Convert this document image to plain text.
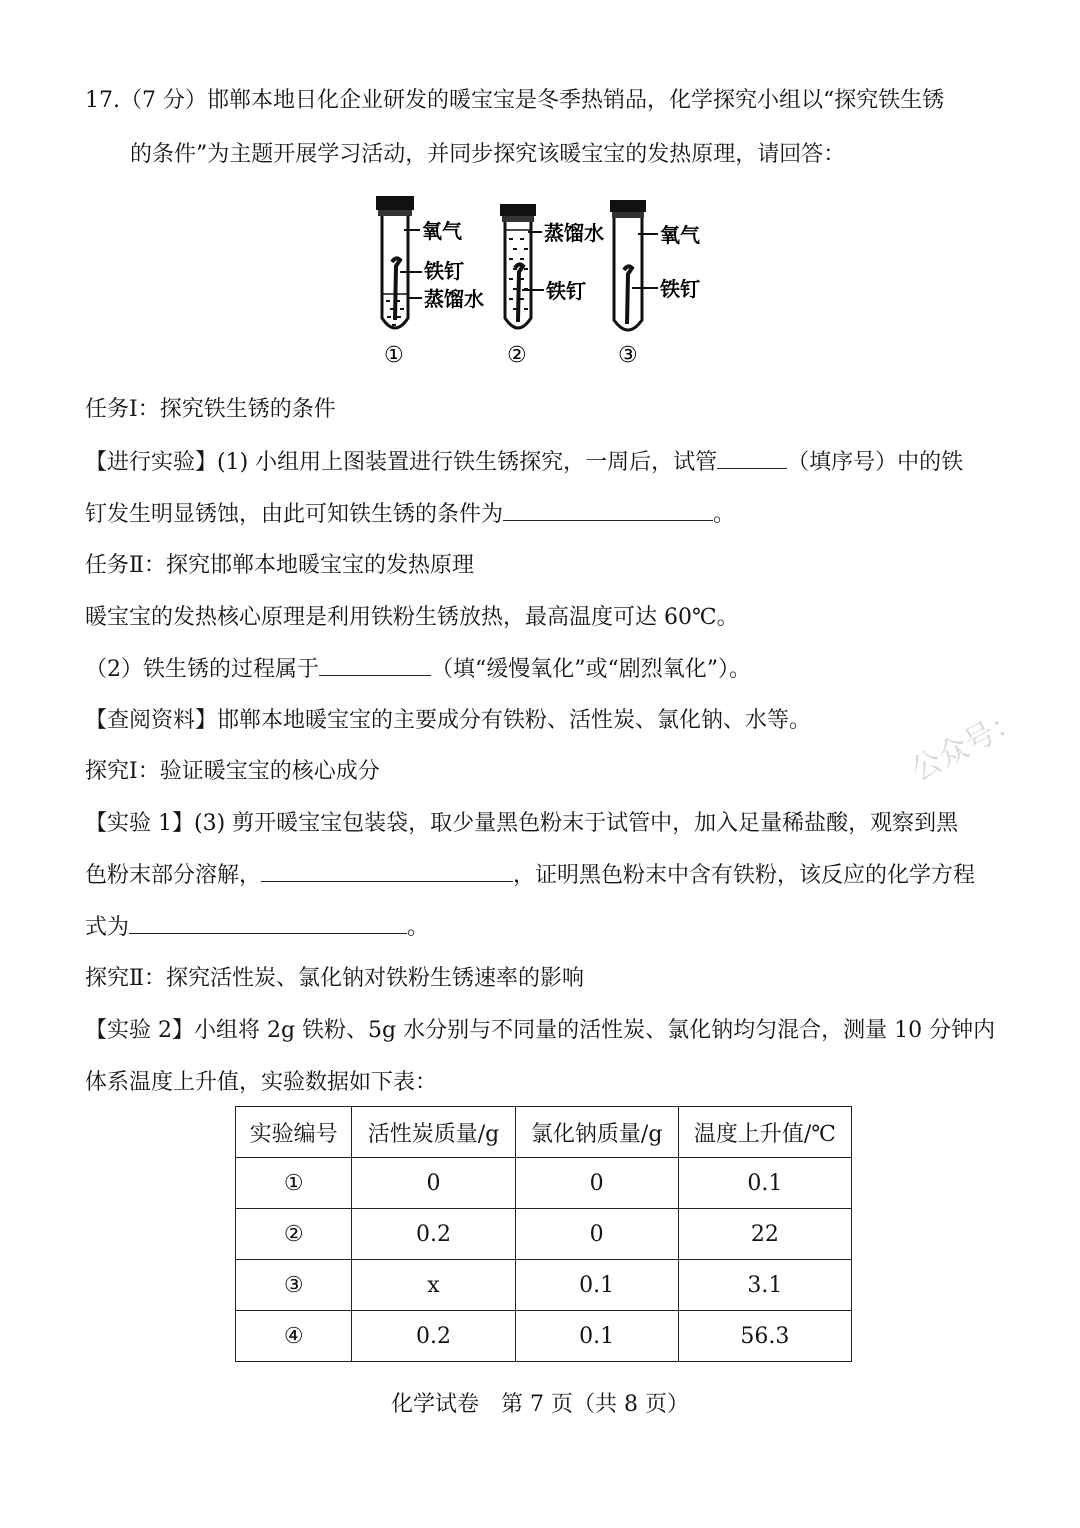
17.（7 分）邯郸本地日化企业研发的暖宝宝是冬季热销品，化学探究小组以“探究铁生锈
的条件”为主题开展学习活动，并同步探究该暖宝宝的发热原理，请回答：
氧气
铁钉
蒸馏水
①
蒸馏水
铁钉
②
氧气
铁钉
③
任务Ⅰ：探究铁生锈的条件
【进行实验】(1) 小组用上图装置进行铁生锈探究，一周后，试管	（填序号）中的铁
钉发生明显锈蚀，由此可知铁生锈的条件为	。
任务Ⅱ：探究邯郸本地暖宝宝的发热原理
暖宝宝的发热核心原理是利用铁粉生锈放热，最高温度可达 60℃。
（2）铁生锈的过程属于	（填“缓慢氧化”或“剧烈氧化”）。
【查阅资料】邯郸本地暖宝宝的主要成分有铁粉、活性炭、氯化钠、水等。
探究Ⅰ：验证暖宝宝的核心成分
【实验 1】(3) 剪开暖宝宝包装袋，取少量黑色粉末于试管中，加入足量稀盐酸，观察到黑
色粉末部分溶解，	，证明黑色粉末中含有铁粉，该反应的化学方程
式为	。
探究Ⅱ：探究活性炭、氯化钠对铁粉生锈速率的影响
【实验 2】小组将 2g 铁粉、5g 水分别与不同量的活性炭、氯化钠均匀混合，测量 10 分钟内
体系温度上升值，实验数据如下表：
实验编号	活性炭质量/g	氯化钠质量/g	温度上升值/℃
①	0	0	0.1
②	0.2	0	22
③	x	0.1	3.1
④	0.2	0.1	56.3
公众号：
化学试卷　第 7 页（共 8 页）
